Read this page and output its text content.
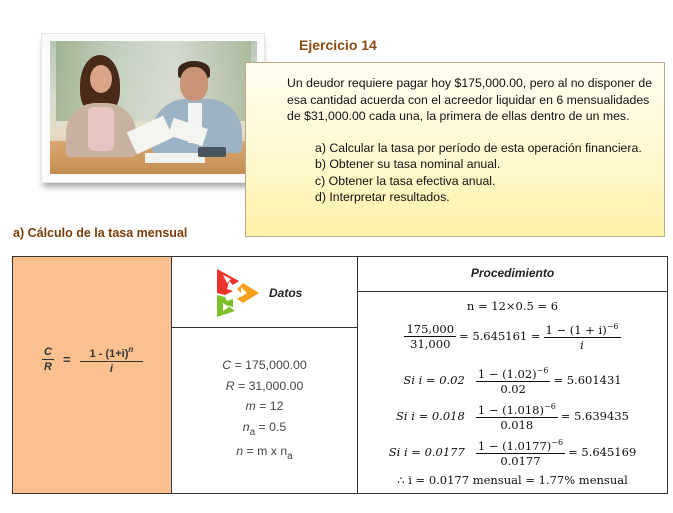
Ejercicio 14
Un deudor requiere pagar hoy $175,000.00, pero al no disponer de esa cantidad acuerda con el acreedor liquidar en 6 mensualidades de $31,000.00 cada una, la primera de ellas dentro de un mes.
a) Calcular la tasa por período de esta operación financiera.
b) Obtener su tasa nominal anual.
c) Obtener la tasa efectiva anual.
d) Interpretar resultados.
a) Cálculo de la tasa mensual
$\frac{C}{R} = \frac{1 - (1+i)^n}{i}$
Datos
C = 175,000.00
R = 31,000.00
m = 12
$n_a = 0.5$
n = m x $n_a$
Procedimiento
n = 12×0.5 = 6
$\frac{175,000}{31,000} = 5.645161 = \frac{1 - (1 + i)^{-6}}{i}$
Si $i = 0.02 \frac{1 - (1.02)^{-6}}{0.02} = 5.601431$
Si $i = 0.018 \frac{1 - (1.018)^{-6}}{0.018} = 5.639435$
Si $i = 0.0177 \frac{1 - (1.0177)^{-6}}{0.0177} = 5.645169$
∴ i = 0.0177 mensual = 1.77% mensual
